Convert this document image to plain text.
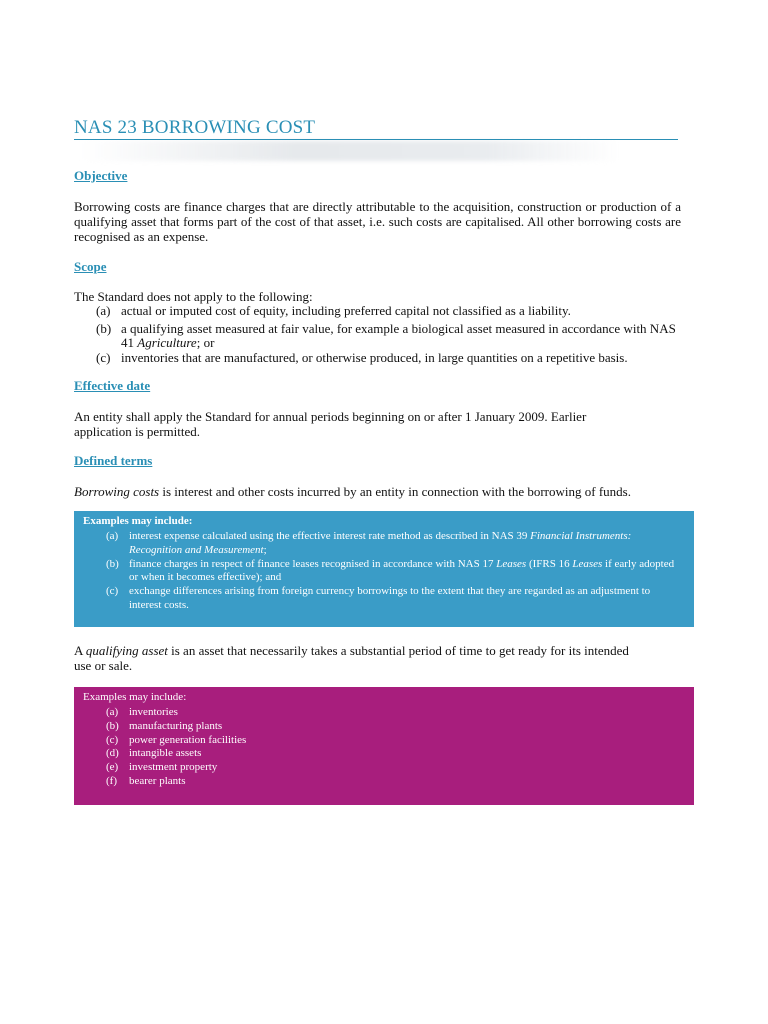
NAS 23 BORROWING COST
Objective
Borrowing costs are finance charges that are directly attributable to the acquisition, construction or production of a qualifying asset that forms part of the cost of that asset, i.e. such costs are capitalised. All other borrowing costs are recognised as an expense.
Scope
The Standard does not apply to the following:
(a) actual or imputed cost of equity, including preferred capital not classified as a liability.
(b) a qualifying asset measured at fair value, for example a biological asset measured in accordance with NAS 41 Agriculture; or
(c) inventories that are manufactured, or otherwise produced, in large quantities on a repetitive basis.
Effective date
An entity shall apply the Standard for annual periods beginning on or after 1 January 2009. Earlier application is permitted.
Defined terms
Borrowing costs is interest and other costs incurred by an entity in connection with the borrowing of funds.
Examples may include:
(a) interest expense calculated using the effective interest rate method as described in NAS 39 Financial Instruments: Recognition and Measurement;
(b) finance charges in respect of finance leases recognised in accordance with NAS 17 Leases (IFRS 16 Leases if early adopted or when it becomes effective); and
(c) exchange differences arising from foreign currency borrowings to the extent that they are regarded as an adjustment to interest costs.
A qualifying asset is an asset that necessarily takes a substantial period of time to get ready for its intended use or sale.
Examples may include:
(a) inventories
(b) manufacturing plants
(c) power generation facilities
(d) intangible assets
(e) investment property
(f)	bearer plants
